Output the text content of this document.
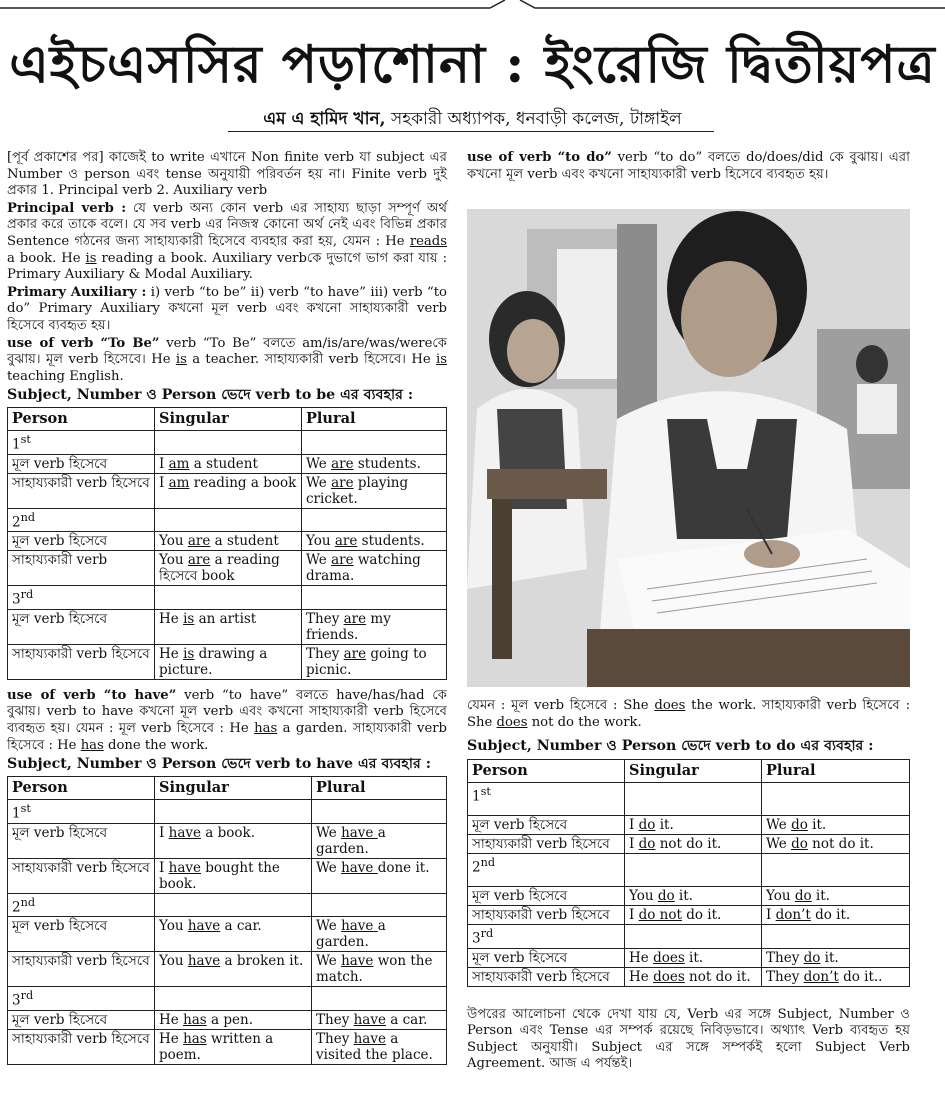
এইচএসসির পড়াশোনা : ইংরেজি দ্বিতীয়পত্র
এম এ হামিদ খান, সহকারী অধ্যাপক, ধনবাড়ী কলেজ, টাঙ্গাইল

[পূর্ব প্রকাশের পর] কাজেই to write এখানে Non finite verb যা subject এর Number ও person এবং tense অনুযায়ী পরিবর্তন হয় না। Finite verb দুই প্রকার 1. Principal verb 2. Auxiliary verb

Principal verb : যে verb অন্য কোন verb এর সাহায্য ছাড়া সম্পূর্ণ অর্থ প্রকার করে তাকে বলে। যে সব verb এর নিজস্ব কোনো অর্থ নেই এবং বিভিন্ন প্রকার Sentence গঠনের জন্য সাহায্যকারী হিসেবে ব্যবহার করা হয়, যেমন : He reads a book. He is reading a book. Auxiliary verbকে দুভাগে ভাগ করা যায় : Primary Auxiliary & Modal Auxiliary.

Primary Auxiliary : i) verb “to be” ii) verb “to have” iii) verb “to do” Primary Auxiliary কখনো মূল verb এবং কখনো সাহায্যকারী verb হিসেবে ব্যবহৃত হয়।

use of verb “To Be” verb “To Be” বলতে am/is/are/was/wereকে বুঝায়। মূল verb হিসেবে। He is a teacher. সাহায্যকারী verb হিসেবে। He is teaching English.

Subject, Number ও Person ভেদে verb to be এর ব্যবহার :
Person	Singular	Plural
1st		
মূল verb হিসেবে	I am a student	We are students.
সাহায্যকারী verb হিসেবে	I am reading a book	We are playing cricket.
2nd		
মূল verb হিসেবে	You are a student	You are students.
সাহায্যকারী verb	You are a reading হিসেবে book	We are watching drama.
3rd		
মূল verb হিসেবে	He is an artist	They are my friends.
সাহায্যকারী verb হিসেবে	He is drawing a picture.	They are going to picnic.

use of verb “to have” verb “to have” বলতে have/has/had কে বুঝায়। verb to have কখনো মূল verb এবং কখনো সাহায্যকারী verb হিসেবে ব্যবহৃত হয়। যেমন : মূল verb হিসেবে : He has a garden. সাহায্যকারী verb হিসেবে : He has done the work.

Subject, Number ও Person ভেদে verb to have এর ব্যবহার :
Person	Singular	Plural
1st		
মূল verb হিসেবে	I have a book.	We have a garden.
সাহায্যকারী verb হিসেবে	I have bought the book.	We have done it.
2nd		
মূল verb হিসেবে	You have a car.	We have a garden.
সাহায্যকারী verb হিসেবে	You have a broken it.	We have won the match.
3rd		
মূল verb হিসেবে	He has a pen.	They have a car.
সাহায্যকারী verb হিসেবে	He has written a poem.	They have a visited the place.

use of verb “to do” verb “to do” বলতে do/does/did কে বুঝায়। এরা কখনো মূল verb এবং কখনো সাহায্যকারী verb হিসেবে ব্যবহৃত হয়।

যেমন : মূল verb হিসেবে : She does the work. সাহায্যকারী verb হিসেবে : She does not do the work.

Subject, Number ও Person ভেদে verb to do এর ব্যবহার :
Person	Singular	Plural
1st		
মূল verb হিসেবে	I do it.	We do it.
সাহায্যকারী verb হিসেবে	I do not do it.	We do not do it.
2nd		
মূল verb হিসেবে	You do it.	You do it.
সাহায্যকারী verb হিসেবে	I do not do it.	I don’t do it.
3rd		
মূল verb হিসেবে	He does it.	They do it.
সাহায্যকারী verb হিসেবে	He does not do it.	They don’t do it..

উপরের আলোচনা থেকে দেখা যায় যে, Verb এর সঙ্গে Subject, Number ও Person এবং Tense এর সম্পর্ক রয়েছে নিবিড়ভাবে। অথ্যাৎ Verb ব্যবহৃত হয় Subject অনুযায়ী। Subject এর সঙ্গে সম্পর্কই হলো Subject Verb Agreement. আজ এ পর্যন্তই।
